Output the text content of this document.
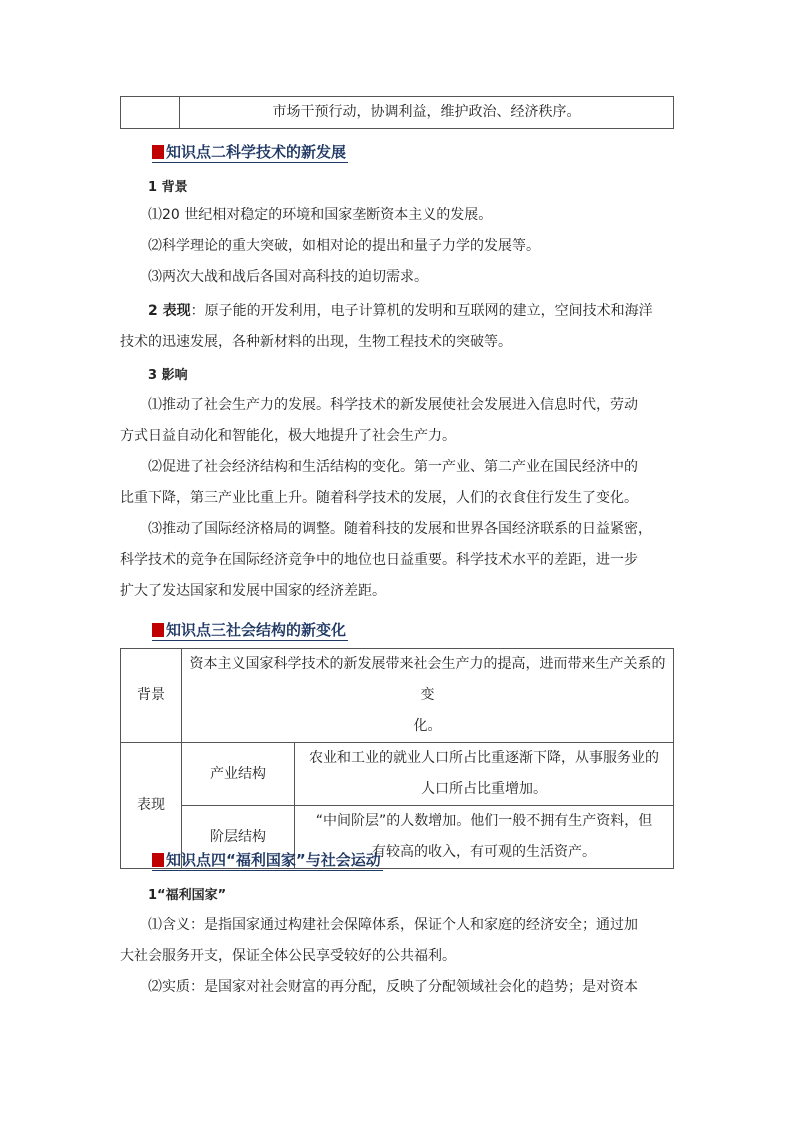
	市场干预行动，协调利益，维护政治、经济秩序。
知识点二科学技术的新发展
1 背景
⑴20 世纪相对稳定的环境和国家垄断资本主义的发展。
⑵科学理论的重大突破，如相对论的提出和量子力学的发展等。
⑶两次大战和战后各国对高科技的迫切需求。
2 表现：原子能的开发利用，电子计算机的发明和互联网的建立，空间技术和海洋
技术的迅速发展，各种新材料的出现，生物工程技术的突破等。
3 影响
⑴推动了社会生产力的发展。科学技术的新发展使社会发展进入信息时代，劳动
方式日益自动化和智能化，极大地提升了社会生产力。
⑵促进了社会经济结构和生活结构的变化。第一产业、第二产业在国民经济中的
比重下降，第三产业比重上升。随着科学技术的发展，人们的衣食住行发生了变化。
⑶推动了国际经济格局的调整。随着科技的发展和世界各国经济联系的日益紧密，
科学技术的竞争在国际经济竞争中的地位也日益重要。科学技术水平的差距，进一步
扩大了发达国家和发展中国家的经济差距。
知识点三社会结构的新变化
背景	资本主义国家科学技术的新发展带来社会生产力的提高，进而带来生产关系的变
化。	

表现	产业结构	农业和工业的就业人口所占比重逐渐下降，从事服务业的
人口所占比重增加。

	阶层结构	“中间阶层”的人数增加。他们一般不拥有生产资料，但
有较高的收入，有可观的生活资产。
知识点四“福利国家”与社会运动
1“福利国家”
⑴含义：是指国家通过构建社会保障体系，保证个人和家庭的经济安全；通过加
大社会服务开支，保证全体公民享受较好的公共福利。
⑵实质：是国家对社会财富的再分配，反映了分配领域社会化的趋势；是对资本
